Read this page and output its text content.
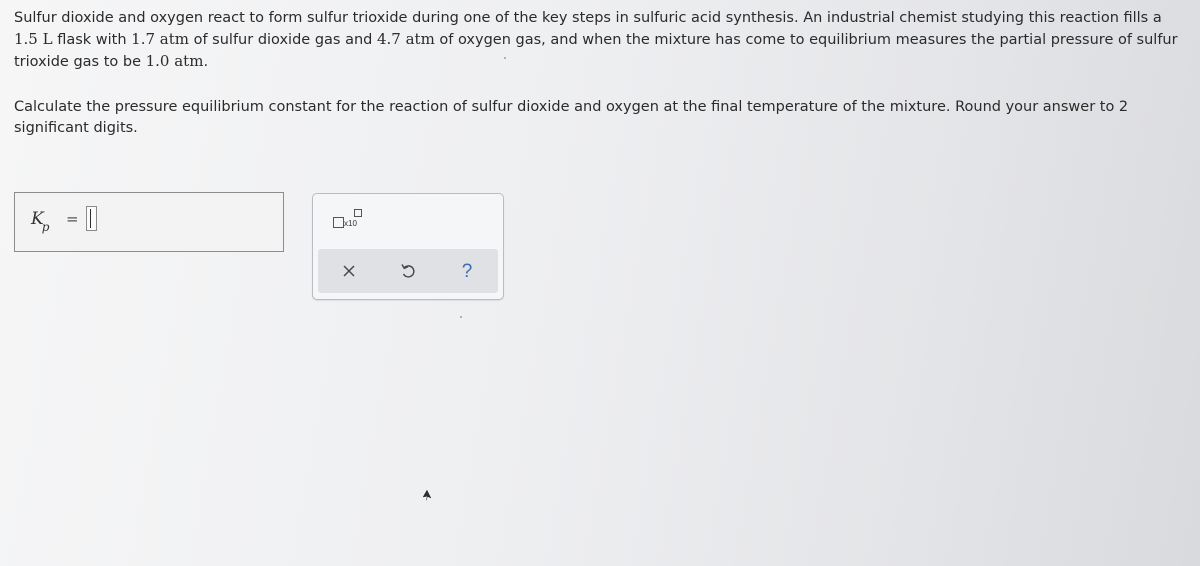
Sulfur dioxide and oxygen react to form sulfur trioxide during one of the key steps in sulfuric acid synthesis. An industrial chemist studying this reaction fills a
1.5 L flask with 1.7 atm of sulfur dioxide gas and 4.7 atm of oxygen gas, and when the mixture has come to equilibrium measures the partial pressure of sulfur
trioxide gas to be 1.0 atm.
Calculate the pressure equilibrium constant for the reaction of sulfur dioxide and oxygen at the final temperature of the mixture. Round your answer to 2
significant digits.
$K_p$ =	x10
?
